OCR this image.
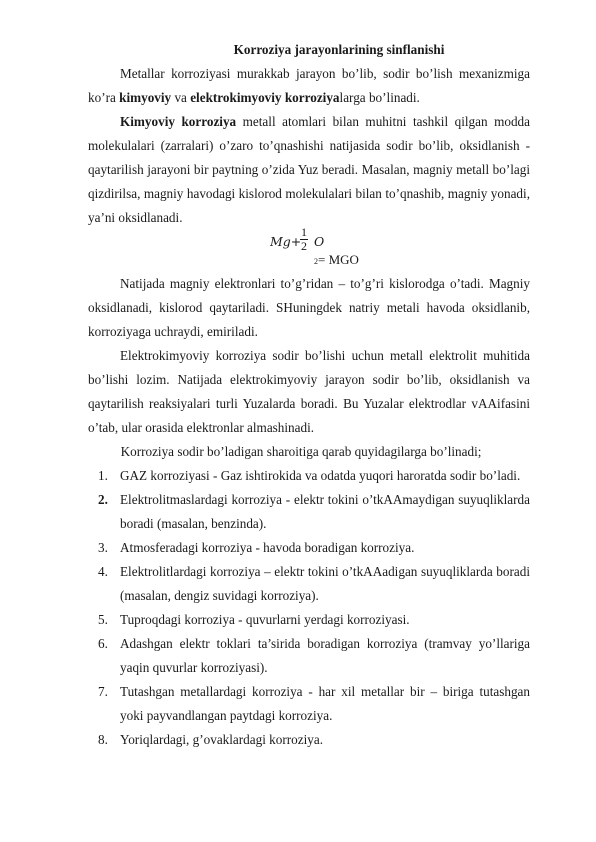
Korroziya jarayonlarining sinflanishi

Metallar korroziyasi murakkab jarayon bo’lib, sodir bo’lish mexanizmiga ko’ra kimyoviy va elektrokimyoviy korroziyalarga bo’linadi.

Kimyoviy korroziya metall atomlari bilan muhitni tashkil qilgan modda molekulalari (zarralari) o’zaro to’qnashishi natijasida sodir bo’lib, oksidlanish - qaytarilish jarayoni bir paytning o’zida Yuz beradi. Masalan, magniy metall bo’lagi qizdirilsa, magniy havodagi kislorod molekulalari bilan to’qnashib, magniy yonadi, ya’ni oksidlanadi.

Mg+
$\frac{1}{2}$ O
2= MGO

Natijada magniy elektronlari to’g’ridan – to’g’ri kislorodga o’tadi. Magniy oksidlanadi, kislorod qaytariladi. SHuningdek natriy metali havoda oksidlanib, korroziyaga uchraydi, emiriladi.

Elektrokimyoviy korroziya sodir bo’lishi uchun metall elektrolit muhitida bo’lishi lozim. Natijada elektrokimyoviy jarayon sodir bo’lib, oksidlanish va qaytarilish reaksiyalari turli Yuzalarda boradi. Bu Yuzalar elektrodlar vAAifasini o’tab, ular orasida elektronlar almashinadi.

Korroziya sodir bo’ladigan sharoitiga qarab quyidagilarga bo’linadi;

1. GAZ korroziyasi - Gaz ishtirokida va odatda yuqori haroratda sodir bo’ladi.
2. Elektrolitmaslardagi korroziya - elektr tokini o’tkAAmaydigan suyuqliklarda boradi (masalan, benzinda).
3. Atmosferadagi korroziya - havoda boradigan korroziya.
4. Elektrolitlardagi korroziya – elektr tokini o’tkAAadigan suyuqliklarda boradi (masalan, dengiz suvidagi korroziya).
5. Tuproqdagi korroziya - quvurlarni yerdagi korroziyasi.
6. Adashgan elektr toklari ta’sirida boradigan korroziya (tramvay yo’llariga yaqin quvurlar korroziyasi).
7. Tutashgan metallardagi korroziya - har xil metallar bir – biriga tutashgan yoki payvandlangan paytdagi korroziya.
8. Yoriqlardagi, g’ovaklardagi korroziya.
